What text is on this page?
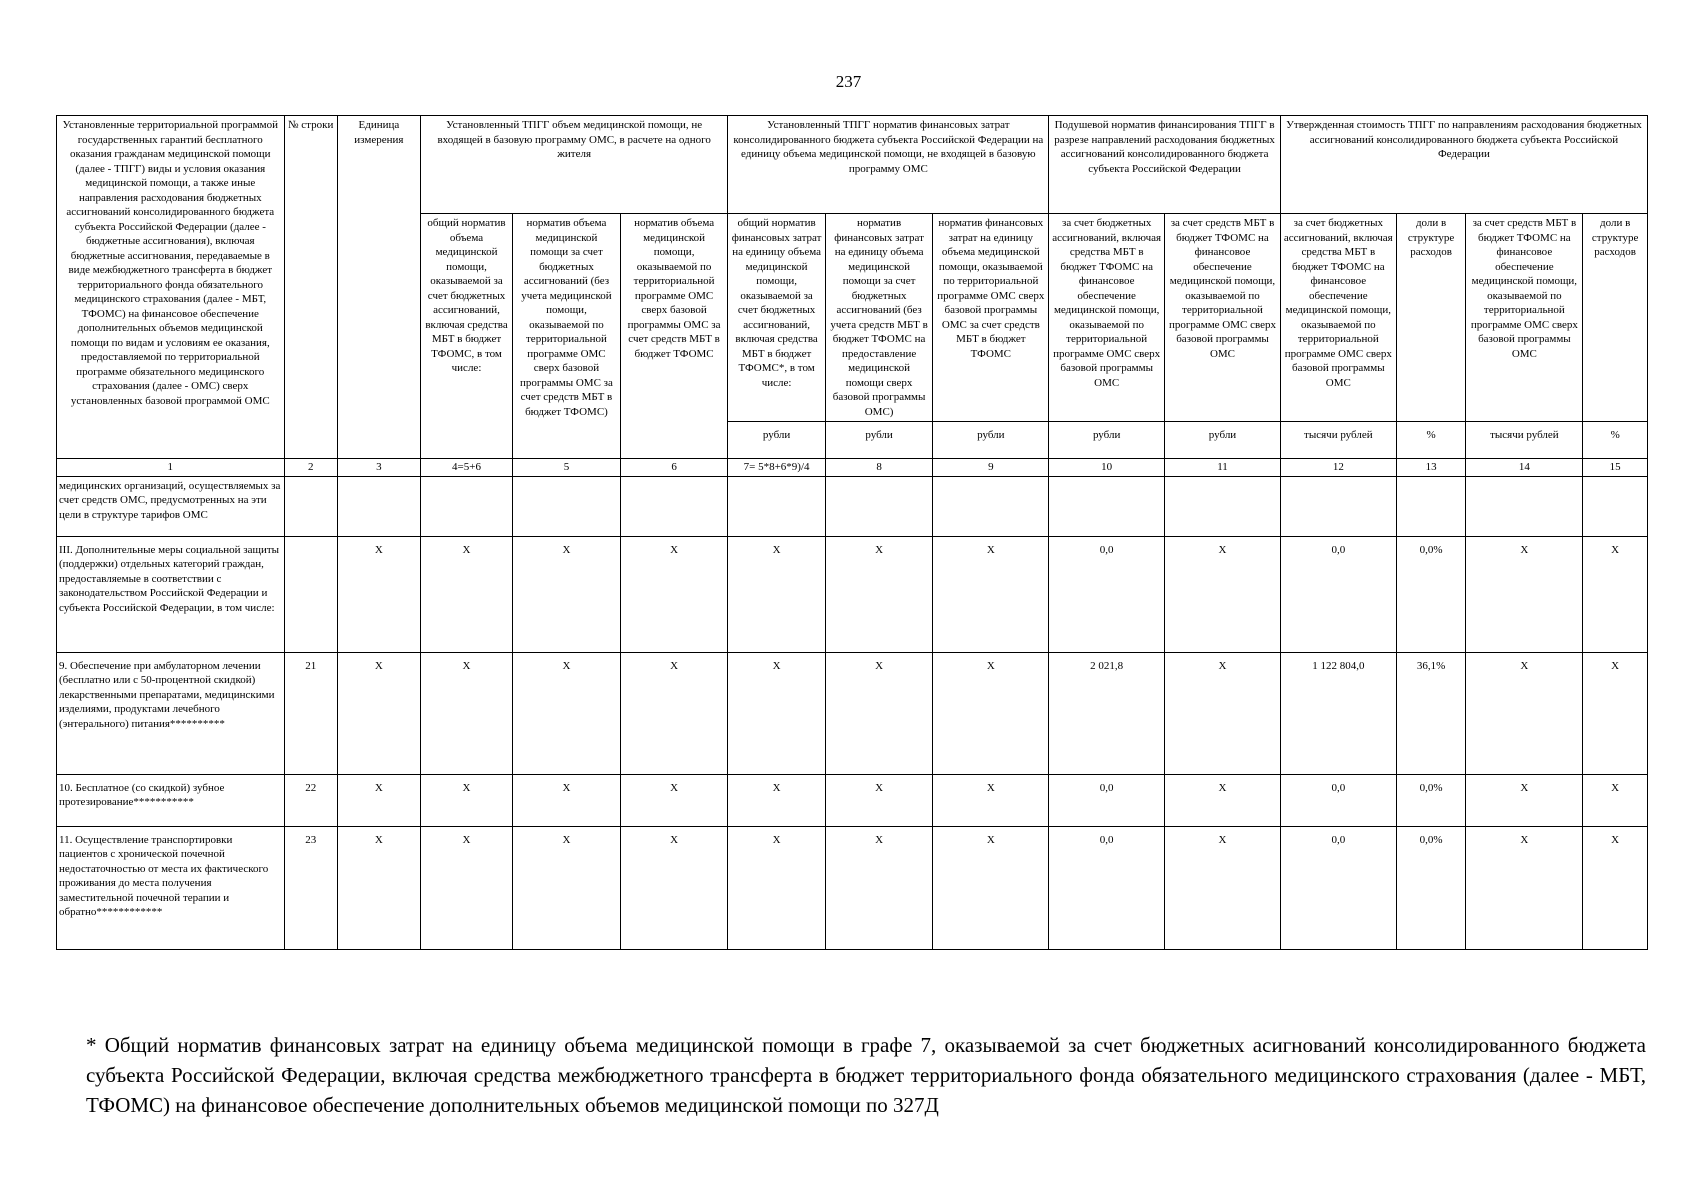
237
Установленные территориальной программой государственных гарантий бесплатного оказания гражданам медицинской помощи (далее - ТПГГ) виды и условия оказания медицинской помощи, а также иные направления расходования бюджетных ассигнований консолидированного бюджета субъекта Российской Федерации (далее - бюджетные ассигнования), включая бюджетные ассигнования, передаваемые в виде межбюджетного трансферта в бюджет территориального фонда обязательного медицинского страхования (далее - МБТ, ТФОМС) на финансовое обеспечение дополнительных объемов медицинской помощи по видам и условиям ее оказания, предоставляемой по территориальной программе обязательного медицинского страхования (далее - ОМС) сверх установленных базовой программой ОМС	№ строки	Единица измерения	Установленный ТПГГ объем медицинской помощи, не входящей в базовую программу ОМС, в расчете на одного жителя			Установленный ТПГГ норматив финансовых затрат консолидированного бюджета субъекта Российской Федерации на единицу объема медицинской помощи, не входящей в базовую программу ОМС			Подушевой норматив финансирования ТПГГ в разрезе направлений расходования бюджетных ассигнований консолидированного бюджета субъекта Российской Федерации		Утвержденная стоимость ТПГГ по направлениям расходования бюджетных ассигнований консолидированного бюджета субъекта Российской Федерации			
			общий норматив объема медицинской помощи, оказываемой за счет бюджетных ассигнований, включая средства МБТ в бюджет ТФОМС, в том числе:	норматив объема медицинской помощи за счет бюджетных ассигнований (без учета медицинской помощи, оказываемой по территориальной программе ОМС сверх базовой программы ОМС за счет средств МБТ в бюджет ТФОМС)	норматив объема медицинской помощи, оказываемой по территориальной программе ОМС сверх базовой программы ОМС за счет средств МБТ в бюджет ТФОМС	общий норматив финансовых затрат на единицу объема медицинской помощи, оказываемой за счет бюджетных ассигнований, включая средства МБТ в бюджет ТФОМС*, в том числе:	норматив финансовых затрат на единицу объема медицинской помощи за счет бюджетных ассигнований (без учета средств МБТ в бюджет ТФОМС на предоставление медицинской помощи сверх базовой программы ОМС)	норматив финансовых затрат на единицу объема медицинской помощи, оказываемой по территориальной программе ОМС сверх базовой программы ОМС за счет средств МБТ в бюджет ТФОМС	за счет бюджетных ассигнований, включая средства МБТ в бюджет ТФОМС на финансовое обеспечение медицинской помощи, оказываемой по территориальной программе ОМС сверх базовой программы ОМС	за счет средств МБТ в бюджет ТФОМС на финансовое обеспечение медицинской помощи, оказываемой по территориальной программе ОМС сверх базовой программы ОМС	за счет бюджетных ассигнований, включая средства МБТ в бюджет ТФОМС на финансовое обеспечение медицинской помощи, оказываемой по территориальной программе ОМС сверх базовой программы ОМС	доли в структуре расходов	за счет средств МБТ в бюджет ТФОМС на финансовое обеспечение медицинской помощи, оказываемой по территориальной программе ОМС сверх базовой программы ОМС	доли в структуре расходов
						рубли	рубли	рубли	рубли	рубли	тысячи рублей	%	тысячи рублей	%
1	2	3	4=5+6	5	6	7= 5*8+6*9)/4	8	9	10	11	12	13	14	15
медицинских организаций, осуществляемых за счет средств ОМС, предусмотренных на эти цели в структуре тарифов ОМС														
III. Дополнительные меры социальной защиты (поддержки) отдельных категорий граждан, предоставляемые в соответствии с законодательством Российской Федерации и субъекта Российской Федерации, в том числе:		X	X	X	X	X	X	X	0,0	X	0,0	0,0%	X	X
9. Обеспечение при амбулаторном лечении (бесплатно или с 50-процентной скидкой) лекарственными препаратами, медицинскими изделиями, продуктами лечебного (энтерального) питания**********	21	X	X	X	X	X	X	X	2 021,8	X	1 122 804,0	36,1%	X	X
10. Бесплатное (со скидкой) зубное протезирование***********	22	X	X	X	X	X	X	X	0,0	X	0,0	0,0%	X	X
11. Осуществление транспортировки пациентов с хронической почечной недостаточностью от места их фактического проживания до места получения заместительной почечной терапии и обратно************	23	X	X	X	X	X	X	X	0,0	X	0,0	0,0%	X	X
* Общий норматив финансовых затрат на единицу объема медицинской помощи в графе 7, оказываемой за счет бюджетных асигнований консолидированного бюджета субъекта Российской Федерации, включая средства межбюджетного трансферта в бюджет территориального фонда обязательного медицинского страхования (далее - МБТ, ТФОМС) на финансовое обеспечение дополнительных объемов медицинской помощи по 327Д
